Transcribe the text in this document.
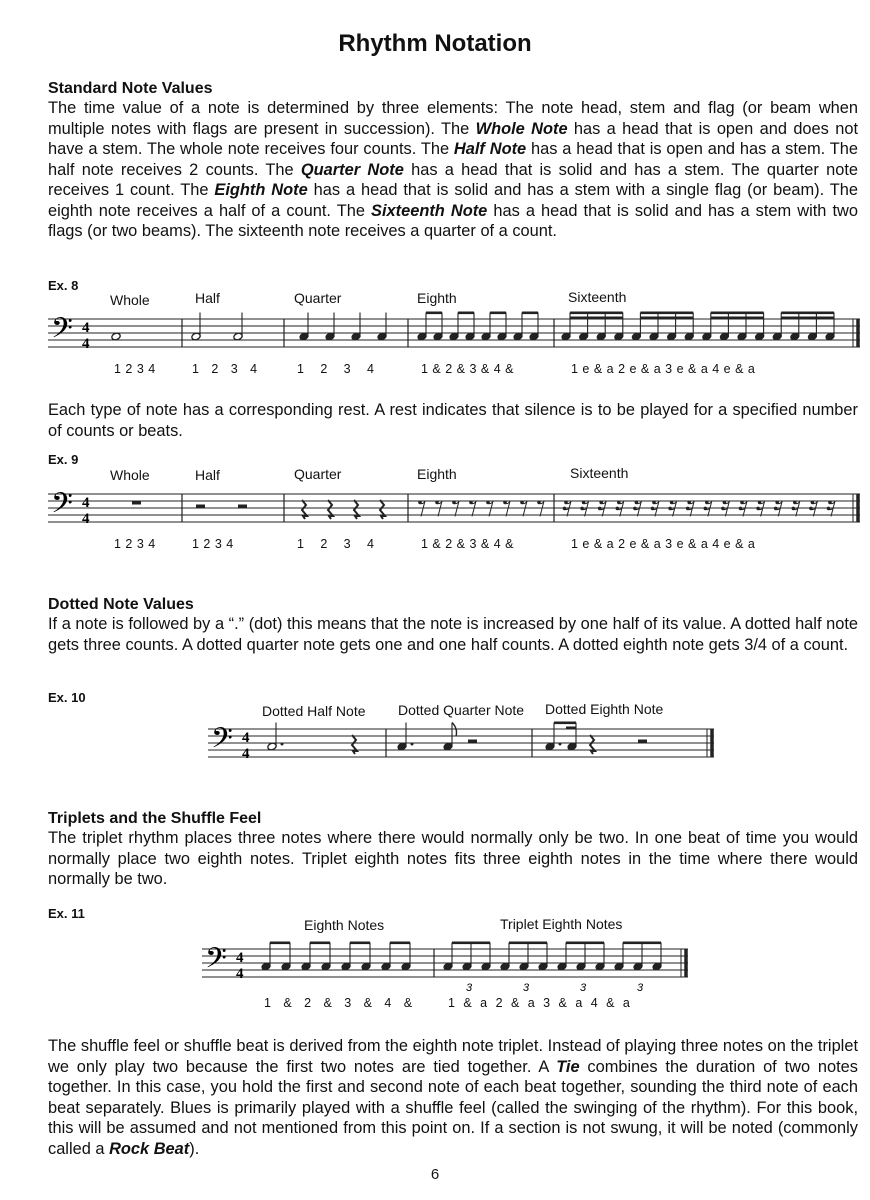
Rhythm Notation
Standard Note Values

The time value of a note is determined by three elements: The note head, stem and flag (or beam when multiple notes with flags are present in succession). The Whole Note has a head that is open and does not have a stem. The whole note receives four counts. The Half Note has a head that is open and has a stem. The half note receives 2 counts. The Quarter Note has a head that is solid and has a stem. The quarter note receives 1 count. The Eighth Note has a head that is solid and has a stem with a single flag (or beam). The eighth note receives a half of a count. The Sixteenth Note has a head that is solid and has a stem with two flags (or two beams). The sixteenth note receives a quarter of a count.

Ex. 8
Whole	Half	Quarter	Eighth	Sixteenth
𝄢 4
4
1 2 3 4	1   2   3   4	1    2    3    4	1 & 2 & 3 & 4 &	1 e & a 2 e & a 3 e & a 4 e & a

Each type of note has a corresponding rest. A rest indicates that silence is to be played for a specified number of counts or beats.

Ex. 9
Whole	Half	Quarter	Eighth	Sixteenth
𝄢 4
4
1 2 3 4	1 2 3 4	1    2    3    4	1 & 2 & 3 & 4 &	1 e & a 2 e & a 3 e & a 4 e & a
Dotted Note Values

If a note is followed by a “.” (dot) this means that the note is increased by one half of its value. A dotted half note gets three counts. A dotted quarter note gets one and one half counts. A dotted eighth note gets 3/4 of a count.

Ex. 10
Dotted Half Note Dotted Quarter Note Dotted Eighth Note
𝄢 4
4
Triplets and the Shuffle Feel

The triplet rhythm places three notes where there would normally only be two. In one beat of time you would normally place two eighth notes. Triplet eighth notes fits three eighth notes in the time where there would normally be two.

Ex. 11
Eighth Notes	Triplet Eighth Notes
𝄢 4
4
3	3	3	3
1   &   2   &   3   &   4   &	1  &  a  2  &  a  3  &  a  4  &  a

The shuffle feel or shuffle beat is derived from the eighth note triplet. Instead of playing three notes on the triplet we only play two because the first two notes are tied together. A Tie combines the duration of two notes together. In this case, you hold the first and second note of each beat together, sounding the third note of each beat separately. Blues is primarily played with a shuffle feel (called the swinging of the rhythm). For this book, this will be assumed and not mentioned from this point on. If a section is not swung, it will be noted (commonly called a Rock Beat).

6
